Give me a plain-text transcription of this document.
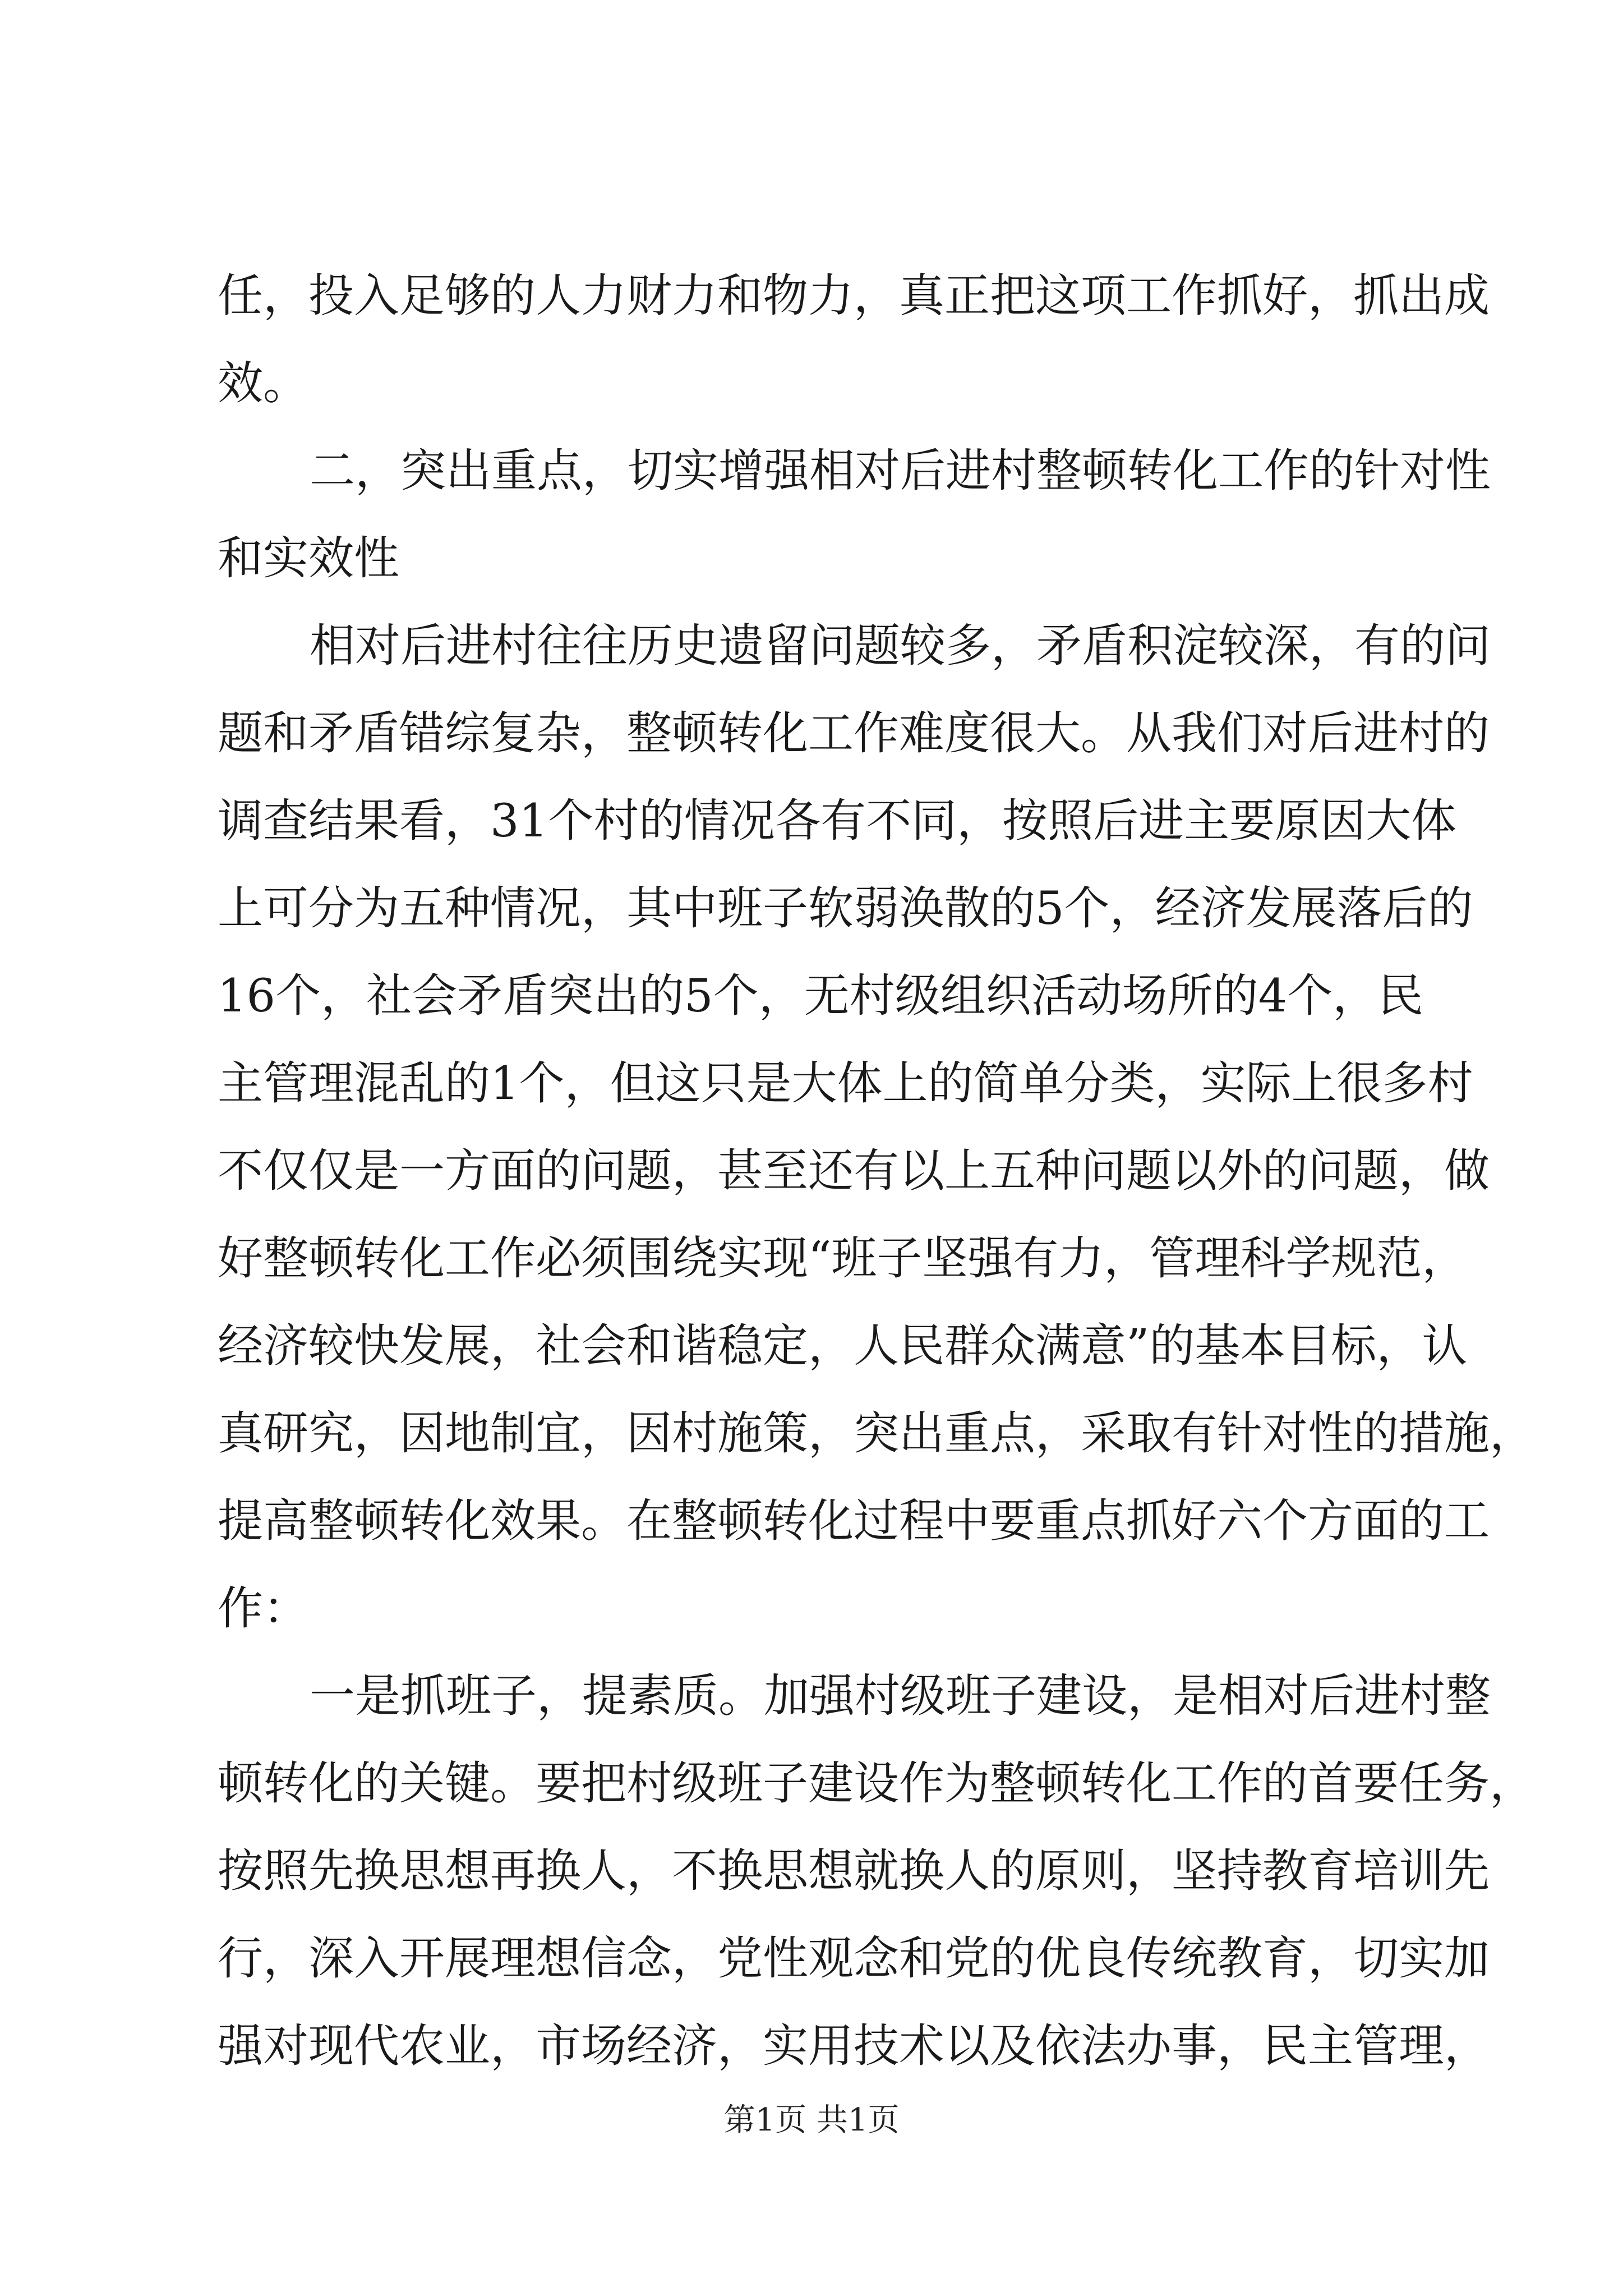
任，投入足够的人力财力和物力，真正把这项工作抓好，抓出成
效。
二，突出重点，切实增强相对后进村整顿转化工作的针对性
和实效性
相对后进村往往历史遗留问题较多，矛盾积淀较深，有的问
题和矛盾错综复杂，整顿转化工作难度很大。从我们对后进村的
调查结果看，31个村的情况各有不同，按照后进主要原因大体
上可分为五种情况，其中班子软弱涣散的5个，经济发展落后的
16个，社会矛盾突出的5个，无村级组织活动场所的4个，民
主管理混乱的1个，但这只是大体上的简单分类，实际上很多村
不仅仅是一方面的问题，甚至还有以上五种问题以外的问题，做
好整顿转化工作必须围绕实现“班子坚强有力，管理科学规范，
经济较快发展，社会和谐稳定，人民群众满意”的基本目标，认
真研究，因地制宜，因村施策，突出重点，采取有针对性的措施，
提高整顿转化效果。在整顿转化过程中要重点抓好六个方面的工
作：
一是抓班子，提素质。加强村级班子建设，是相对后进村整
顿转化的关键。要把村级班子建设作为整顿转化工作的首要任务，
按照先换思想再换人，不换思想就换人的原则，坚持教育培训先
行，深入开展理想信念，党性观念和党的优良传统教育，切实加
强对现代农业，市场经济，实用技术以及依法办事，民主管理，
第1页 共1页
